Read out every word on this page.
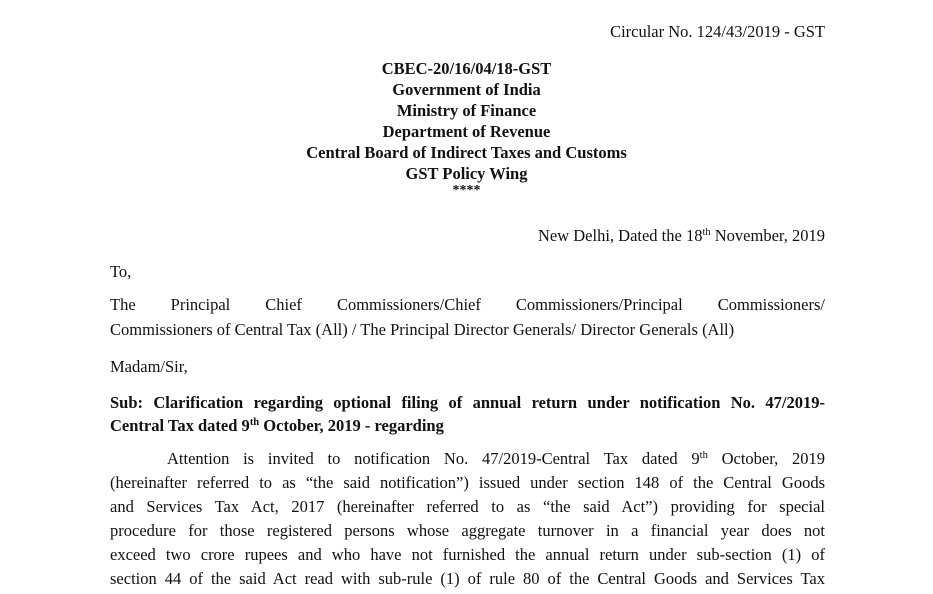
Circular No. 124/43/2019 - GST
CBEC-20/16/04/18-GST
Government of India
Ministry of Finance
Department of Revenue
Central Board of Indirect Taxes and Customs
GST Policy Wing
****
New Delhi, Dated the 18th November, 2019
To,
The Principal Chief Commissioners/Chief Commissioners/Principal Commissioners/
Commissioners of Central Tax (All) / The Principal Director Generals/ Director Generals (All)
Madam/Sir,
Sub: Clarification regarding optional filing of annual return under notification No. 47/2019-
Central Tax dated 9th October, 2019 - regarding
Attention is invited to notification No. 47/2019-Central Tax dated 9th October, 2019
(hereinafter referred to as “the said notification”) issued under section 148 of the Central Goods
and Services Tax Act, 2017 (hereinafter referred to as “the said Act”) providing for special
procedure for those registered persons whose aggregate turnover in a financial year does not
exceed two crore rupees and who have not furnished the annual return under sub-section (1) of
section 44 of the said Act read with sub-rule (1) of rule 80 of the Central Goods and Services Tax
